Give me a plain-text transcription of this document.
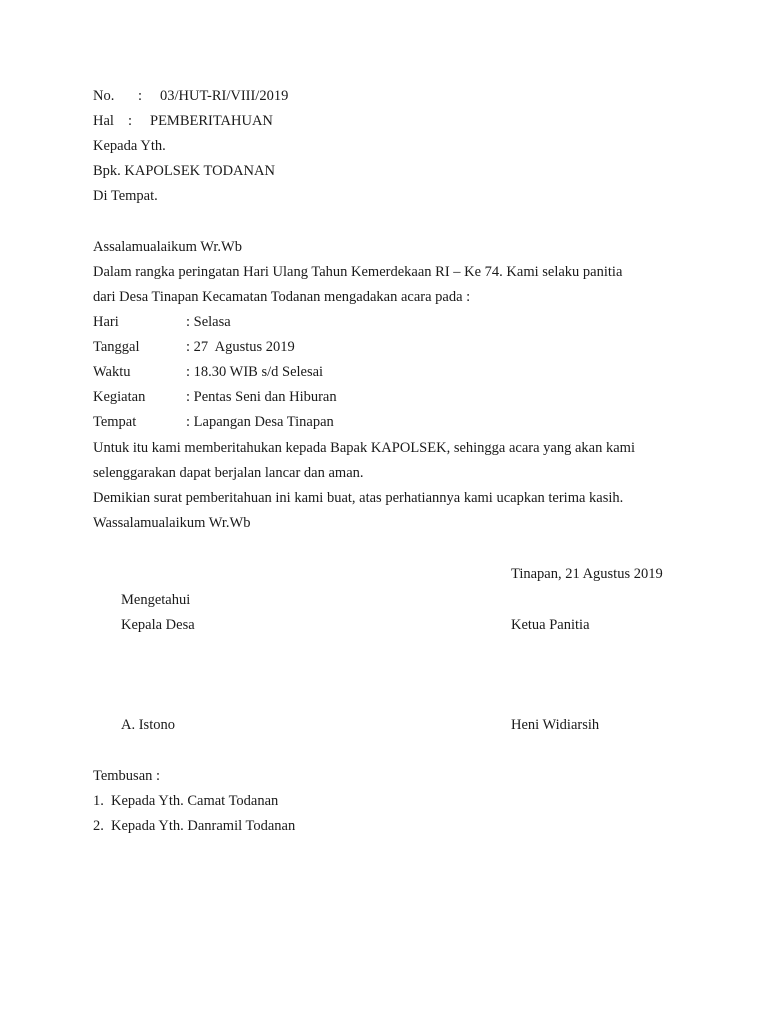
No. : 03/HUT-RI/VIII/2019
Hal : PEMBERITAHUAN
Kepada Yth.
Bpk. KAPOLSEK TODANAN
Di Tempat.
Assalamualaikum Wr.Wb
Dalam rangka peringatan Hari Ulang Tahun Kemerdekaan RI – Ke 74. Kami selaku panitia
dari Desa Tinapan Kecamatan Todanan mengadakan acara pada :
Hari	: Selasa
Tanggal	: 27  Agustus 2019
Waktu	: 18.30 WIB s/d Selesai
Kegiatan	: Pentas Seni dan Hiburan
Tempat	: Lapangan Desa Tinapan
Untuk itu kami memberitahukan kepada Bapak KAPOLSEK, sehingga acara yang akan kami
selenggarakan dapat berjalan lancar dan aman.
Demikian surat pemberitahuan ini kami buat, atas perhatiannya kami ucapkan terima kasih.
Wassalamualaikum Wr.Wb
Tinapan, 21 Agustus 2019
Mengetahui
Kepala Desa	Ketua Panitia
A. Istono	Heni Widiarsih
Tembusan :
1. Kepada Yth. Camat Todanan
2. Kepada Yth. Danramil Todanan
